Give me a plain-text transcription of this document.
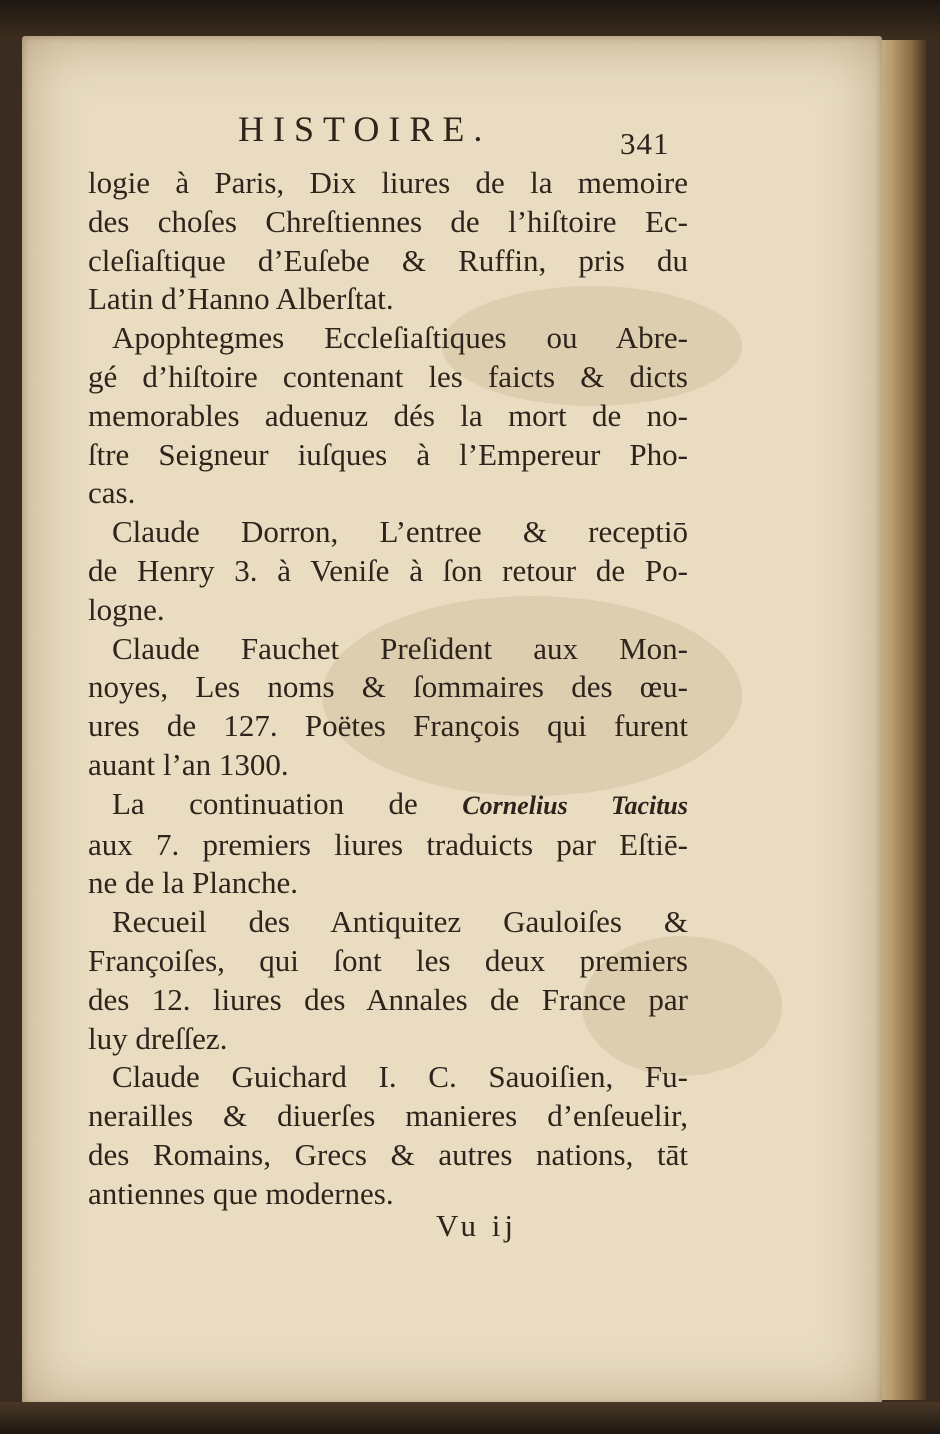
HISTOIRE.	341
logie à Paris, Dix liures de la memoire
des choſes Chreſtiennes de l’hiſtoire Ec-
cleſiaſtique d’Euſebe & Ruffin, pris du
Latin d’Hanno Alberſtat.
Apophtegmes Eccleſiaſtiques ou Abre-
gé d’hiſtoire contenant les faicts & dicts
memorables aduenuz dés la mort de no-
ſtre Seigneur iuſques à l’Empereur Pho-
cas.
Claude Dorron, L’entree & receptiō
de Henry 3. à Veniſe à ſon retour de Po-
logne.
Claude Fauchet Preſident aux Mon-
noyes, Les noms & ſommaires des œu-
ures de 127. Poëtes François qui furent
auant l’an 1300.
La continuation de Cornelius Tacitus
aux 7. premiers liures traduicts par Eſtiē-
ne de la Planche.
Recueil des Antiquitez Gauloiſes &
Françoiſes, qui ſont les deux premiers
des 12. liures des Annales de France par
luy dreſſez.
Claude Guichard I. C. Sauoiſien, Fu-
nerailles & diuerſes manieres d’enſeuelir,
des Romains, Grecs & autres nations, tāt
antiennes que modernes.
Vu ij
